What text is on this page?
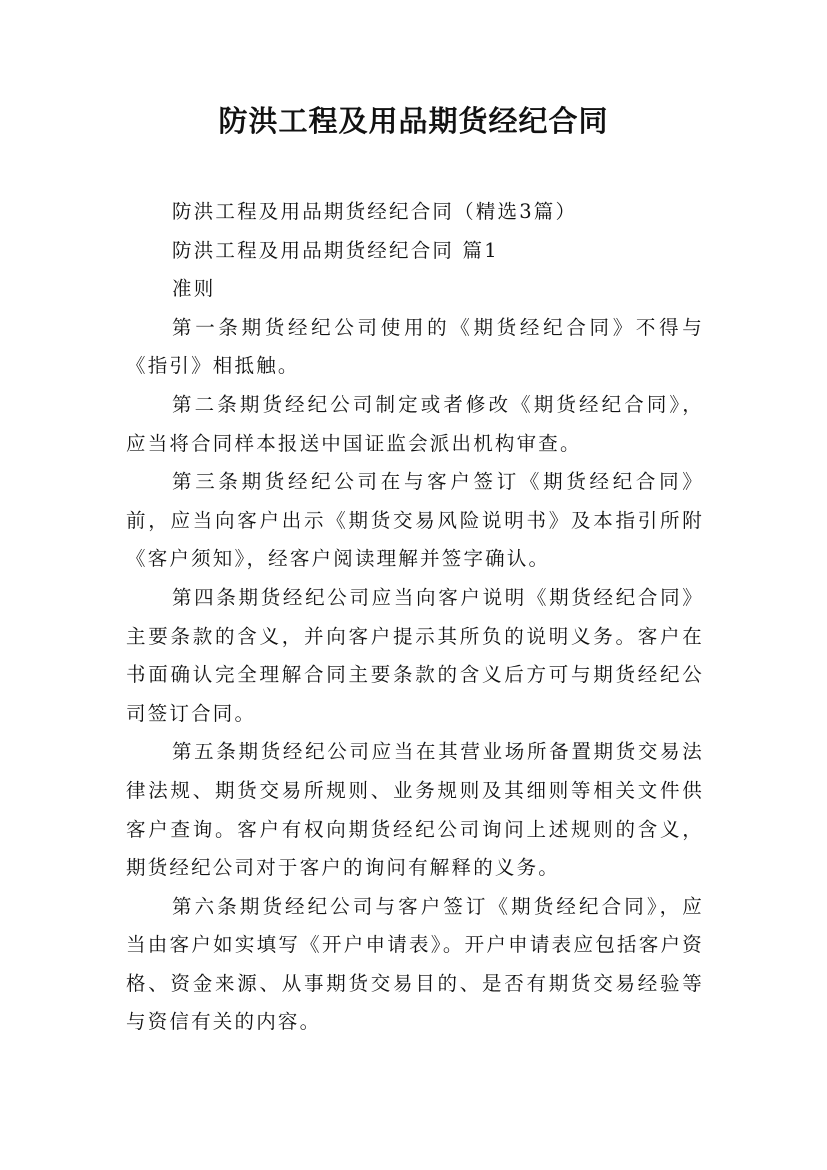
防洪工程及用品期货经纪合同

防洪工程及用品期货经纪合同（精选3篇）

防洪工程及用品期货经纪合同 篇1

准则

第一条期货经纪公司使用的《期货经纪合同》不得与《指引》相抵触。

第二条期货经纪公司制定或者修改《期货经纪合同》，应当将合同样本报送中国证监会派出机构审查。

第三条期货经纪公司在与客户签订《期货经纪合同》前，应当向客户出示《期货交易风险说明书》及本指引所附《客户须知》，经客户阅读理解并签字确认。

第四条期货经纪公司应当向客户说明《期货经纪合同》主要条款的含义，并向客户提示其所负的说明义务。客户在书面确认完全理解合同主要条款的含义后方可与期货经纪公司签订合同。

第五条期货经纪公司应当在其营业场所备置期货交易法律法规、期货交易所规则、业务规则及其细则等相关文件供客户查询。客户有权向期货经纪公司询问上述规则的含义，期货经纪公司对于客户的询问有解释的义务。

第六条期货经纪公司与客户签订《期货经纪合同》，应当由客户如实填写《开户申请表》。开户申请表应包括客户资格、资金来源、从事期货交易目的、是否有期货交易经验等与资信有关的内容。
